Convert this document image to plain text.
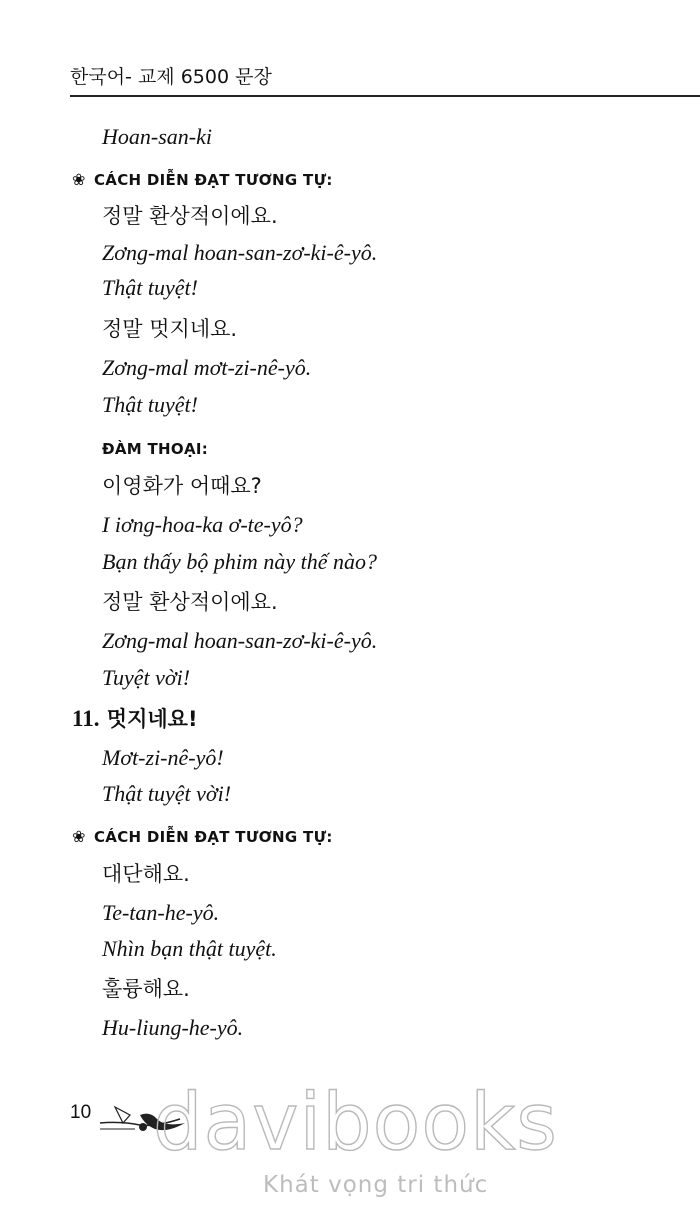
한국어- 교제 6500 문장
Hoan-san-ki
❀ CÁCH DIỄN ĐẠT TƯƠNG TỰ:
정말 환상적이에요.
Zơng-mal hoan-san-zơ-ki-ê-yô.
Thật tuyệt!
정말 멋지네요.
Zơng-mal mơt-zi-nê-yô.
Thật tuyệt!
ĐÀM THOẠI:
이영화가 어때요?
I iơng-hoa-ka ơ-te-yô?
Bạn thấy bộ phim này thế nào?
정말 환상적이에요.
Zơng-mal hoan-san-zơ-ki-ê-yô.
Tuyệt vời!
11. 멋지네요!
Mơt-zi-nê-yô!
Thật tuyệt vời!
❀ CÁCH DIỄN ĐẠT TƯƠNG TỰ:
대단해요.
Te-tan-he-yô.
Nhìn bạn thật tuyệt.
훌륭해요.
Hu-liung-he-yô.
10 davibooks
Khát vọng tri thức
